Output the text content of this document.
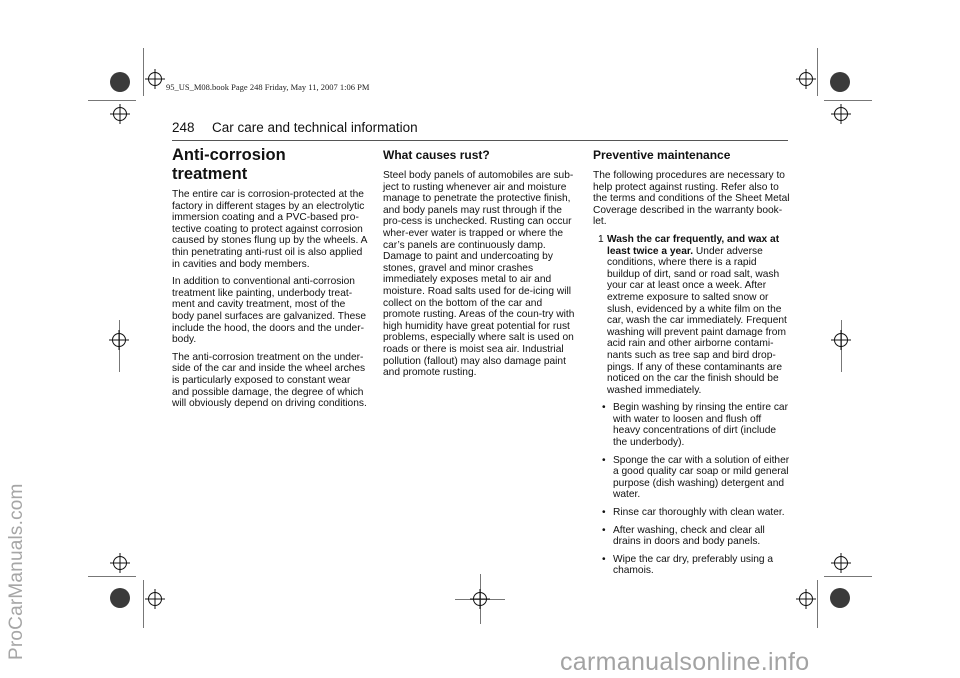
ProCarManuals.com
carmanualsonline.info
95_US_M08.book Page 248 Friday, May 11, 2007 1:06 PM
248 Car care and technical information
Anti-corrosion
treatment

The entire car is corrosion-protected at the factory in different stages by an electrolytic immersion coating and a PVC-based pro-tective coating to protect against corrosion caused by stones flung up by the wheels. A thin penetrating anti-rust oil is also applied in cavities and body members.

In addition to conventional anti-corrosion treatment like painting, underbody treat-ment and cavity treatment, most of the body panel surfaces are galvanized. These include the hood, the doors and the under-body.

The anti-corrosion treatment on the under-side of the car and inside the wheel arches is particularly exposed to constant wear and possible damage, the degree of which will obviously depend on driving conditions.

What causes rust?

Steel body panels of automobiles are sub-ject to rusting whenever air and moisture manage to penetrate the protective finish, and body panels may rust through if the pro-cess is unchecked. Rusting can occur wher-ever water is trapped or where the car’s panels are continuously damp. Damage to paint and undercoating by stones, gravel and minor crashes immediately exposes metal to air and moisture. Road salts used for de-icing will collect on the bottom of the car and promote rusting. Areas of the coun-try with high humidity have great potential for rust problems, especially where salt is used on roads or there is moist sea air. Industrial pollution (fallout) may also damage paint and promote rusting.

Preventive maintenance

The following procedures are necessary to help protect against rusting. Refer also to the terms and conditions of the Sheet Metal Coverage described in the warranty book-let.

1 Wash the car frequently, and wax at least twice a year. Under adverse conditions, where there is a rapid buildup of dirt, sand or road salt, wash your car at least once a week. After extreme exposure to salted snow or slush, evidenced by a white film on the car, wash the car immediately. Frequent washing will prevent paint damage from acid rain and other airborne contami-nants such as tree sap and bird drop-pings. If any of these contaminants are noticed on the car the finish should be washed immediately.
• Begin washing by rinsing the entire car with water to loosen and flush off heavy concentrations of dirt (include the underbody).
• Sponge the car with a solution of either a good quality car soap or mild general purpose (dish washing) detergent and water.
• Rinse car thoroughly with clean water.
• After washing, check and clear all drains in doors and body panels.
• Wipe the car dry, preferably using a chamois.
